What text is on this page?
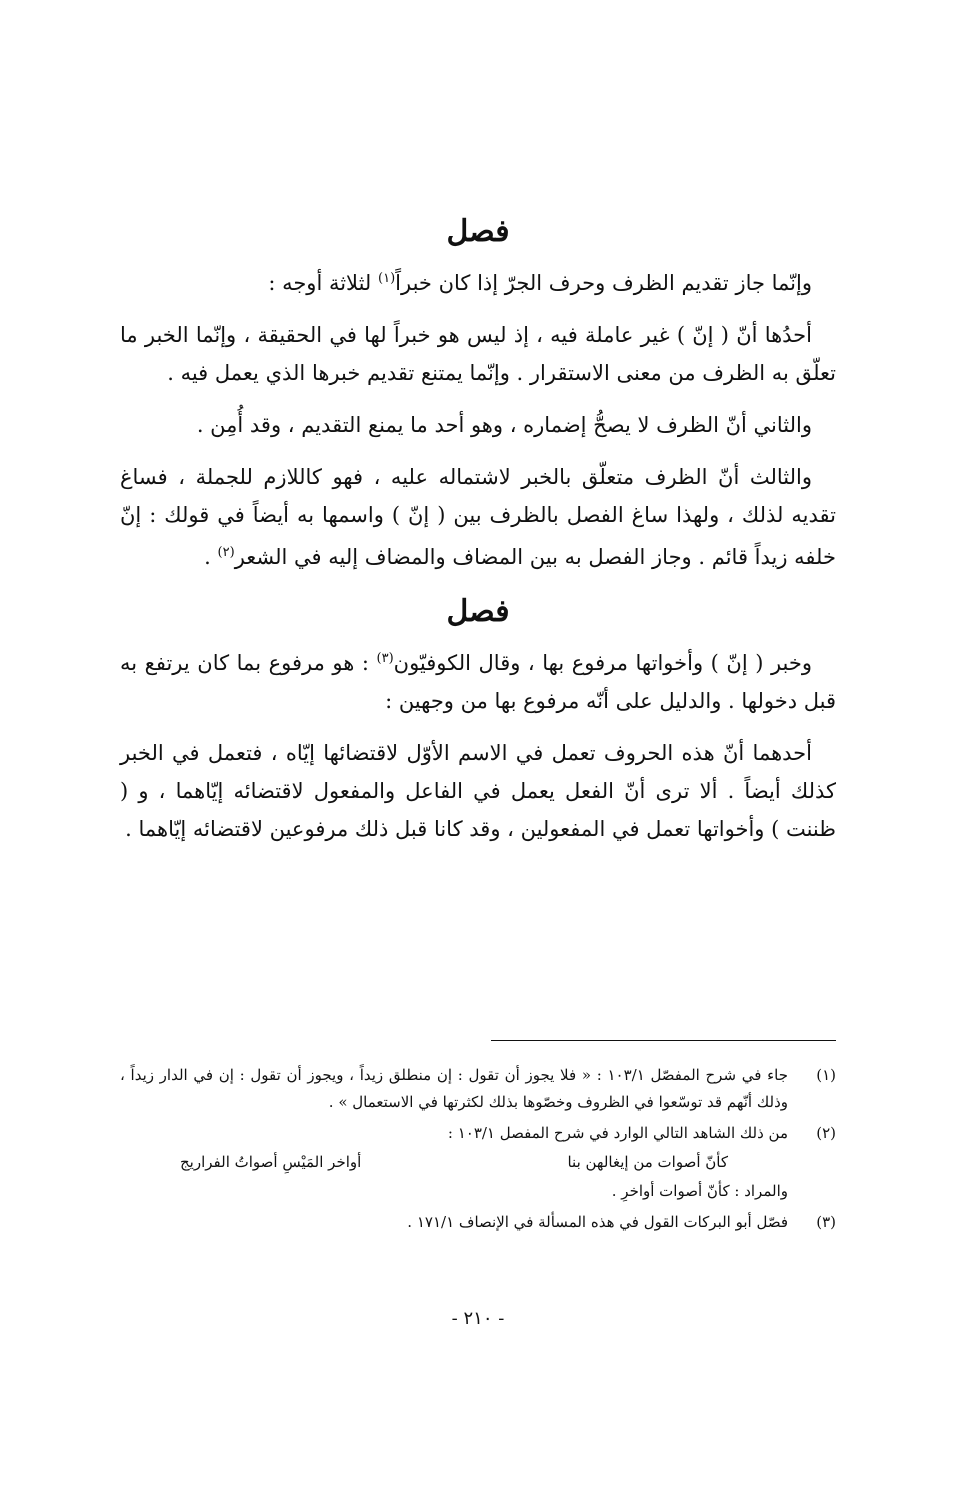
فصل

وإنّما جاز تقديم الظرف وحرف الجرّ إذا كان خبراً$^{(١)}$ لثلاثة أوجه :

أحدُها أنّ ( إنّ ) غير عاملة فيه ، إذ ليس هو خبراً لها في الحقيقة ، وإنّما الخبر ما تعلّق به الظرف من معنى الاستقرار . وإنّما يمتنع تقديم خبرها الذي يعمل فيه .

والثاني أنّ الظرف لا يصحُّ إضماره ، وهو أحد ما يمنع التقديم ، وقد أُمِن .

والثالث أنّ الظرف متعلّق بالخبر لاشتماله عليه ، فهو كاللازم للجملة ، فساغ تقديه لذلك ، ولهذا ساغ الفصل بالظرف بين ( إنّ ) واسمها به أيضاً في قولك : إنّ خلفه زيداً قائم . وجاز الفصل به بين المضاف والمضاف إليه في الشعر$^{(٢)}$ .

فصل

وخبر ( إنّ ) وأخواتها مرفوع بها ، وقال الكوفيّون$^{(٣)}$ : هو مرفوع بما كان يرتفع به قبل دخولها . والدليل على أنّه مرفوع بها من وجهين :

أحدهما أنّ هذه الحروف تعمل في الاسم الأوّل لاقتضائها إيّاه ، فتعمل في الخبر كذلك أيضاً . ألا ترى أنّ الفعل يعمل في الفاعل والمفعول لاقتضائه إيّاهما ، و ( ظننت ) وأخواتها تعمل في المفعولين ، وقد كانا قبل ذلك مرفوعين لاقتضائه إيّاهما .

(١)
جاء في شرح المفصّل ١٠٣/١ : « فلا يجوز أن تقول : إن منطلق زيداً ، ويجوز أن تقول : إن في الدار زيداً ، وذلك أنّهم قد توسّعوا في الظروف وخصّوها بذلك لكثرتها في الاستعمال » .
(٢)
من ذلك الشاهد التالي الوارد في شرح المفصل ١٠٣/١ :
كأنّ أصوات من إيغالهن بنا
أواخر المَيْسِ أصواتُ الفراريج
والمراد : كأنّ أصوات أواخرِ .
(٣)
فصّل أبو البركات القول في هذه المسألة في الإنصاف ١٧١/١ .
- ٢١٠ -
